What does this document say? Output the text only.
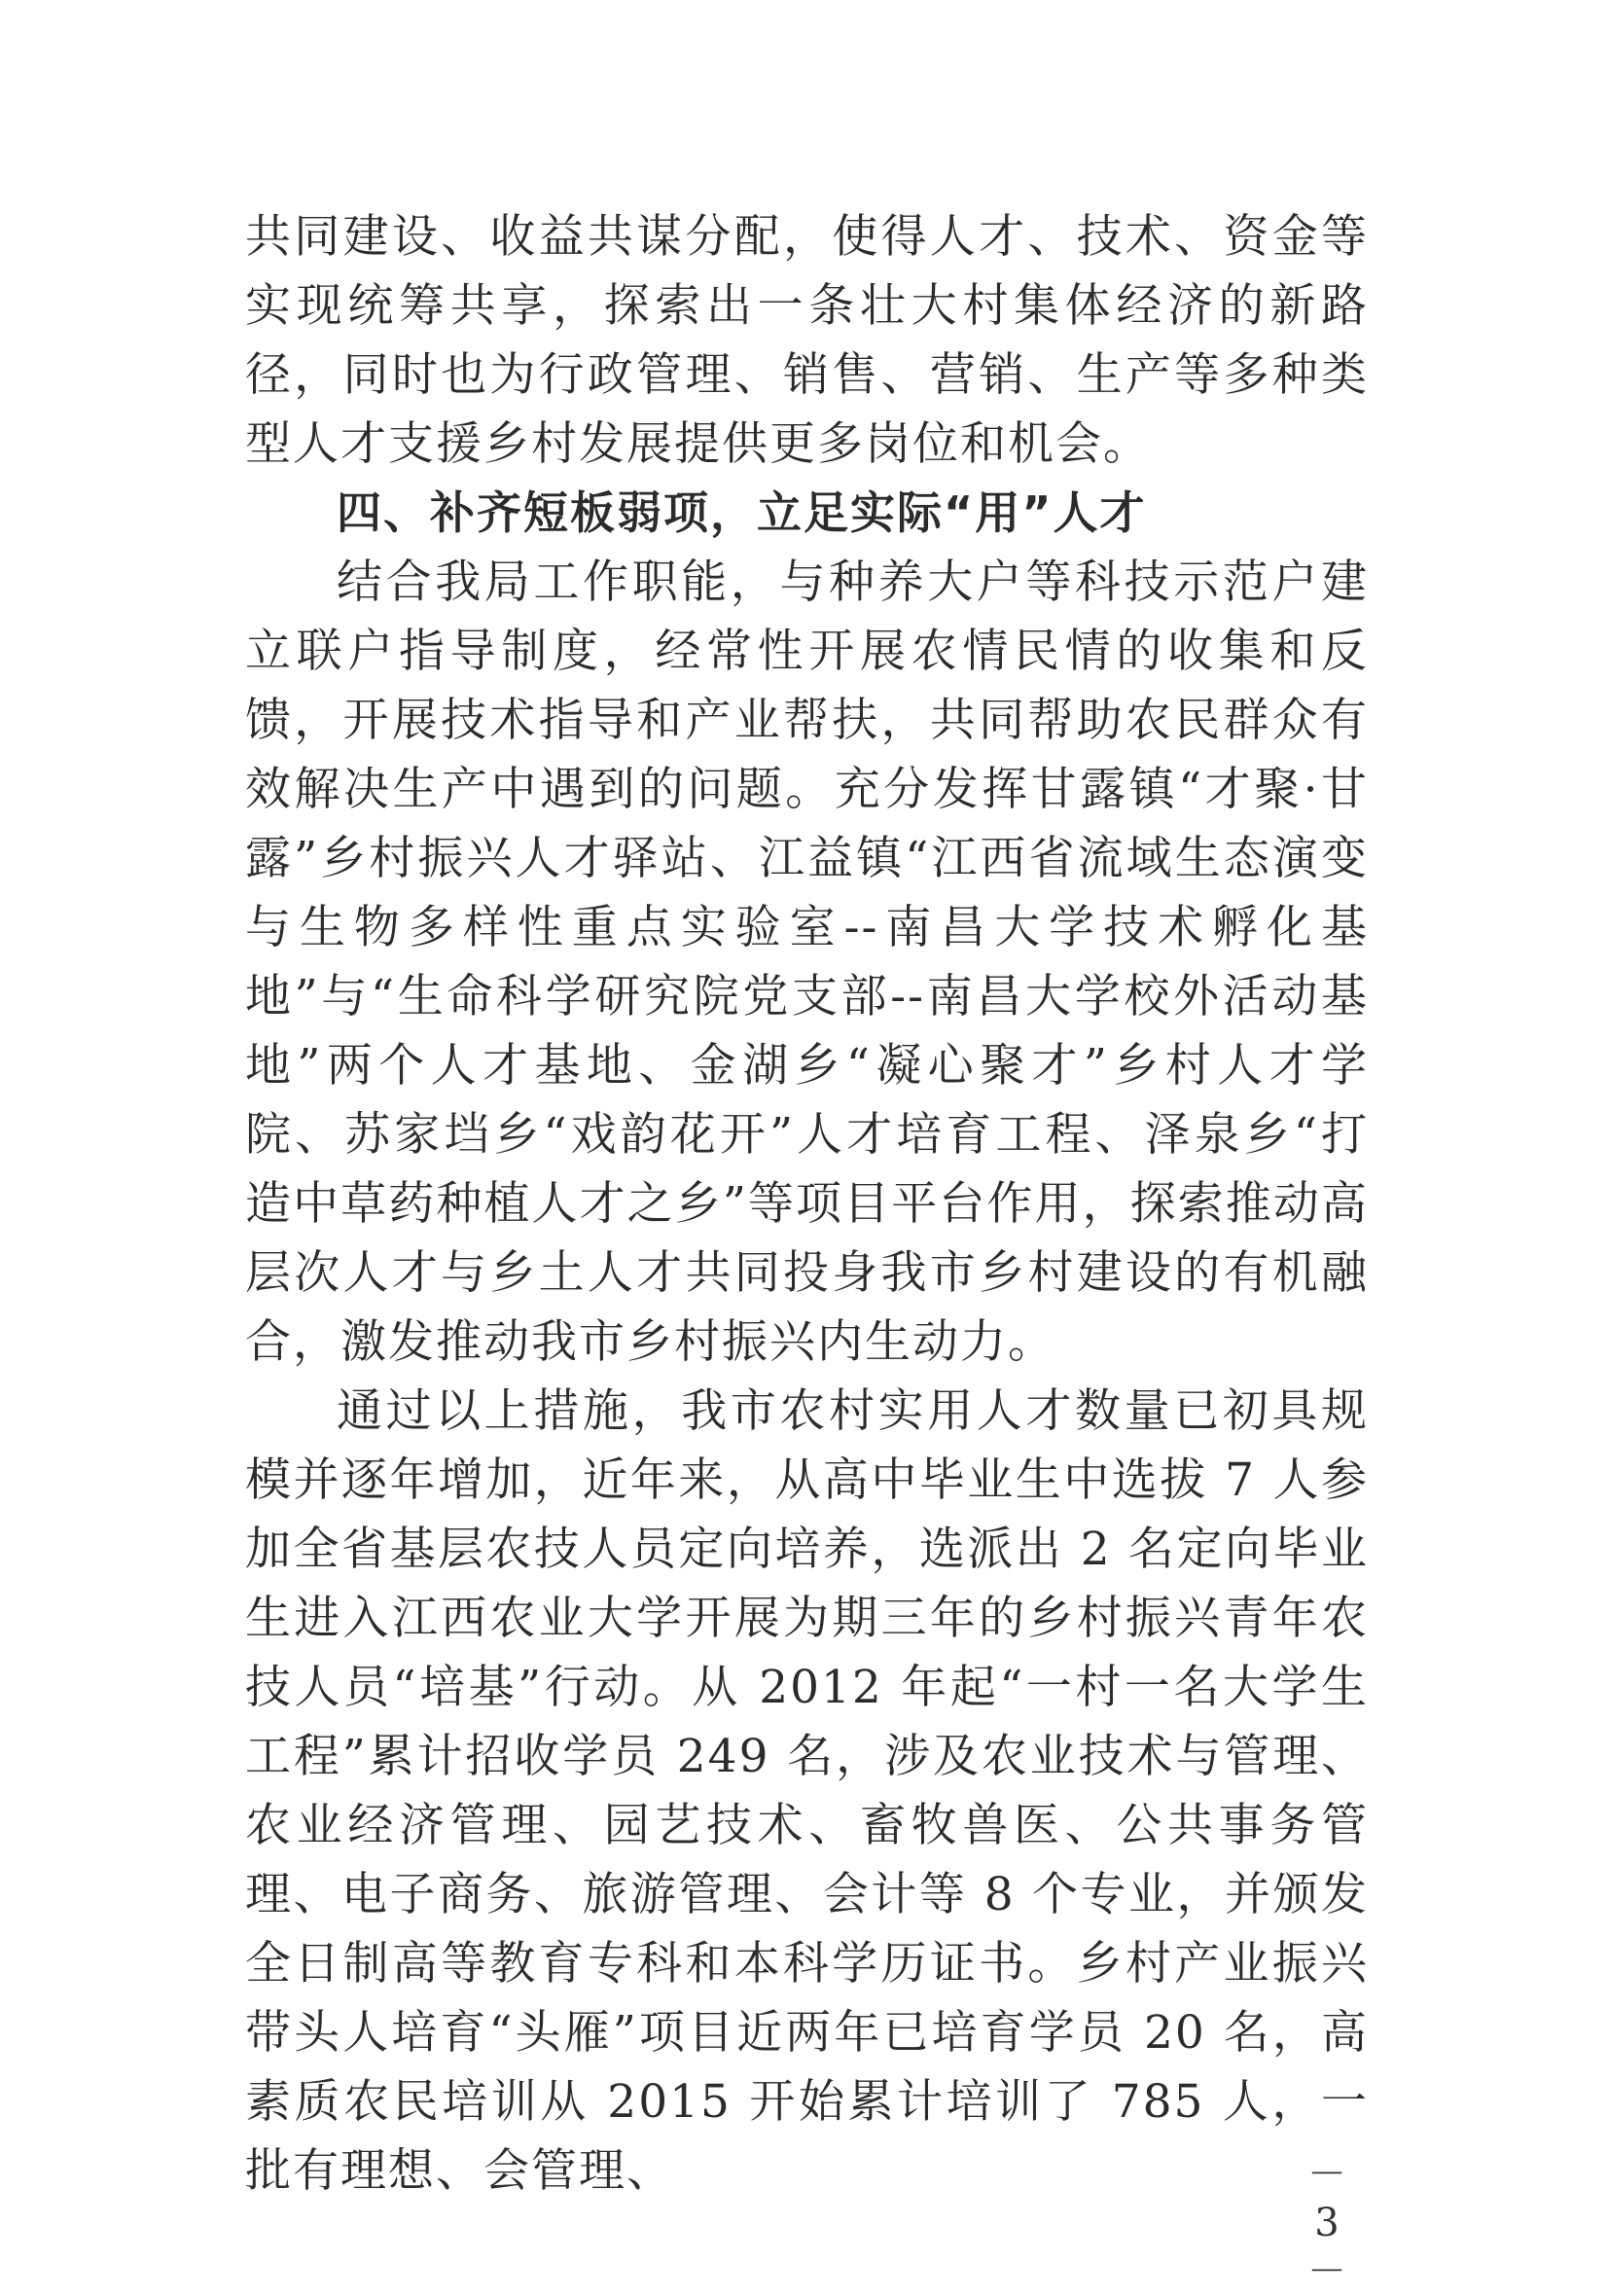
共同建设、收益共谋分配，使得人才、技术、资金等实现统筹共享，探索出一条壮大村集体经济的新路径，同时也为行政管理、销售、营销、生产等多种类型人才支援乡村发展提供更多岗位和机会。

四、补齐短板弱项，立足实际“用”人才

结合我局工作职能，与种养大户等科技示范户建立联户指导制度，经常性开展农情民情的收集和反馈，开展技术指导和产业帮扶，共同帮助农民群众有效解决生产中遇到的问题。充分发挥甘露镇“才聚·甘露”乡村振兴人才驿站、江益镇“江西省流域生态演变与生物多样性重点实验室--南昌大学技术孵化基地”与“生命科学研究院党支部--南昌大学校外活动基地”两个人才基地、金湖乡“凝心聚才”乡村人才学院、苏家垱乡“戏韵花开”人才培育工程、泽泉乡“打造中草药种植人才之乡”等项目平台作用，探索推动高层次人才与乡土人才共同投身我市乡村建设的有机融合，激发推动我市乡村振兴内生动力。

通过以上措施，我市农村实用人才数量已初具规模并逐年增加，近年来，从高中毕业生中选拔 7 人参加全省基层农技人员定向培养，选派出 2 名定向毕业生进入江西农业大学开展为期三年的乡村振兴青年农技人员“培基”行动。从 2012 年起“一村一名大学生工程”累计招收学员 249 名，涉及农业技术与管理、农业经济管理、园艺技术、畜牧兽医、公共事务管理、电子商务、旅游管理、会计等 8 个专业，并颁发全日制高等教育专科和本科学历证书。乡村产业振兴带头人培育“头雁”项目近两年已培育学员 20 名，高素质农民培训从 2015 开始累计培训了 785 人，一批有理想、会管理、	－ 3 －
